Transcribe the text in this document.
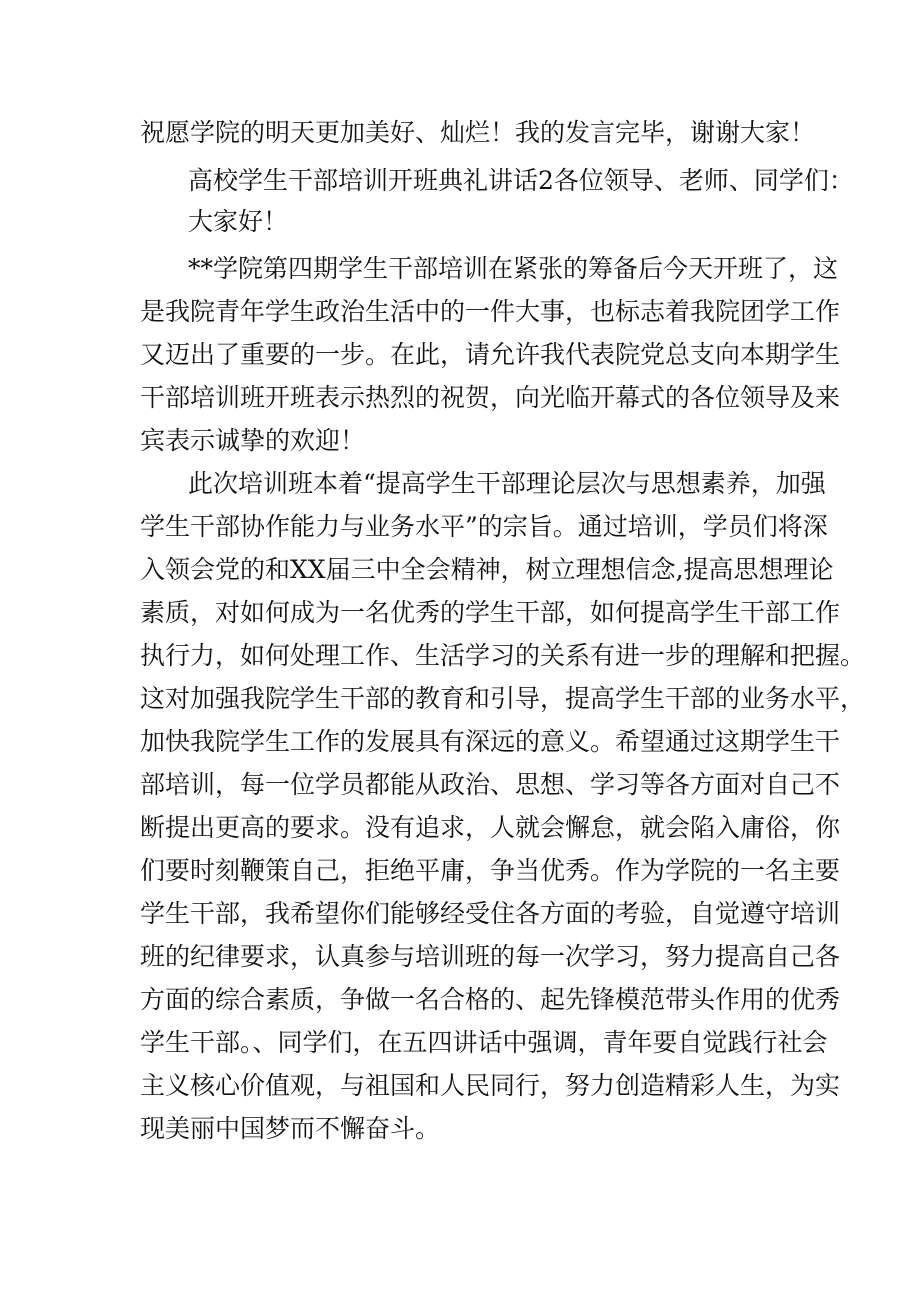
祝愿学院的明天更加美好、灿烂！我的发言完毕，谢谢大家！
高校学生干部培训开班典礼讲话2各位领导、老师、同学们：
大家好！
**学院第四期学生干部培训在紧张的筹备后今天开班了，这
是我院青年学生政治生活中的一件大事，也标志着我院团学工作
又迈出了重要的一步。在此，请允许我代表院党总支向本期学生
干部培训班开班表示热烈的祝贺，向光临开幕式的各位领导及来
宾表示诚挚的欢迎！
此次培训班本着“提高学生干部理论层次与思想素养，加强
学生干部协作能力与业务水平”的宗旨。通过培训，学员们将深
入领会党的和XX届三中全会精神，树立理想信念,提高思想理论
素质，对如何成为一名优秀的学生干部，如何提高学生干部工作
执行力，如何处理工作、生活学习的关系有进一步的理解和把握。
这对加强我院学生干部的教育和引导，提高学生干部的业务水平，
加快我院学生工作的发展具有深远的意义。希望通过这期学生干
部培训，每一位学员都能从政治、思想、学习等各方面对自己不
断提出更高的要求。没有追求，人就会懈怠，就会陷入庸俗，你
们要时刻鞭策自己，拒绝平庸，争当优秀。作为学院的一名主要
学生干部，我希望你们能够经受住各方面的考验，自觉遵守培训
班的纪律要求，认真参与培训班的每一次学习，努力提高自己各
方面的综合素质，争做一名合格的、起先锋模范带头作用的优秀
学生干部。、同学们，在五四讲话中强调，青年要自觉践行社会
主义核心价值观，与祖国和人民同行，努力创造精彩人生，为实
现美丽中国梦而不懈奋斗。
